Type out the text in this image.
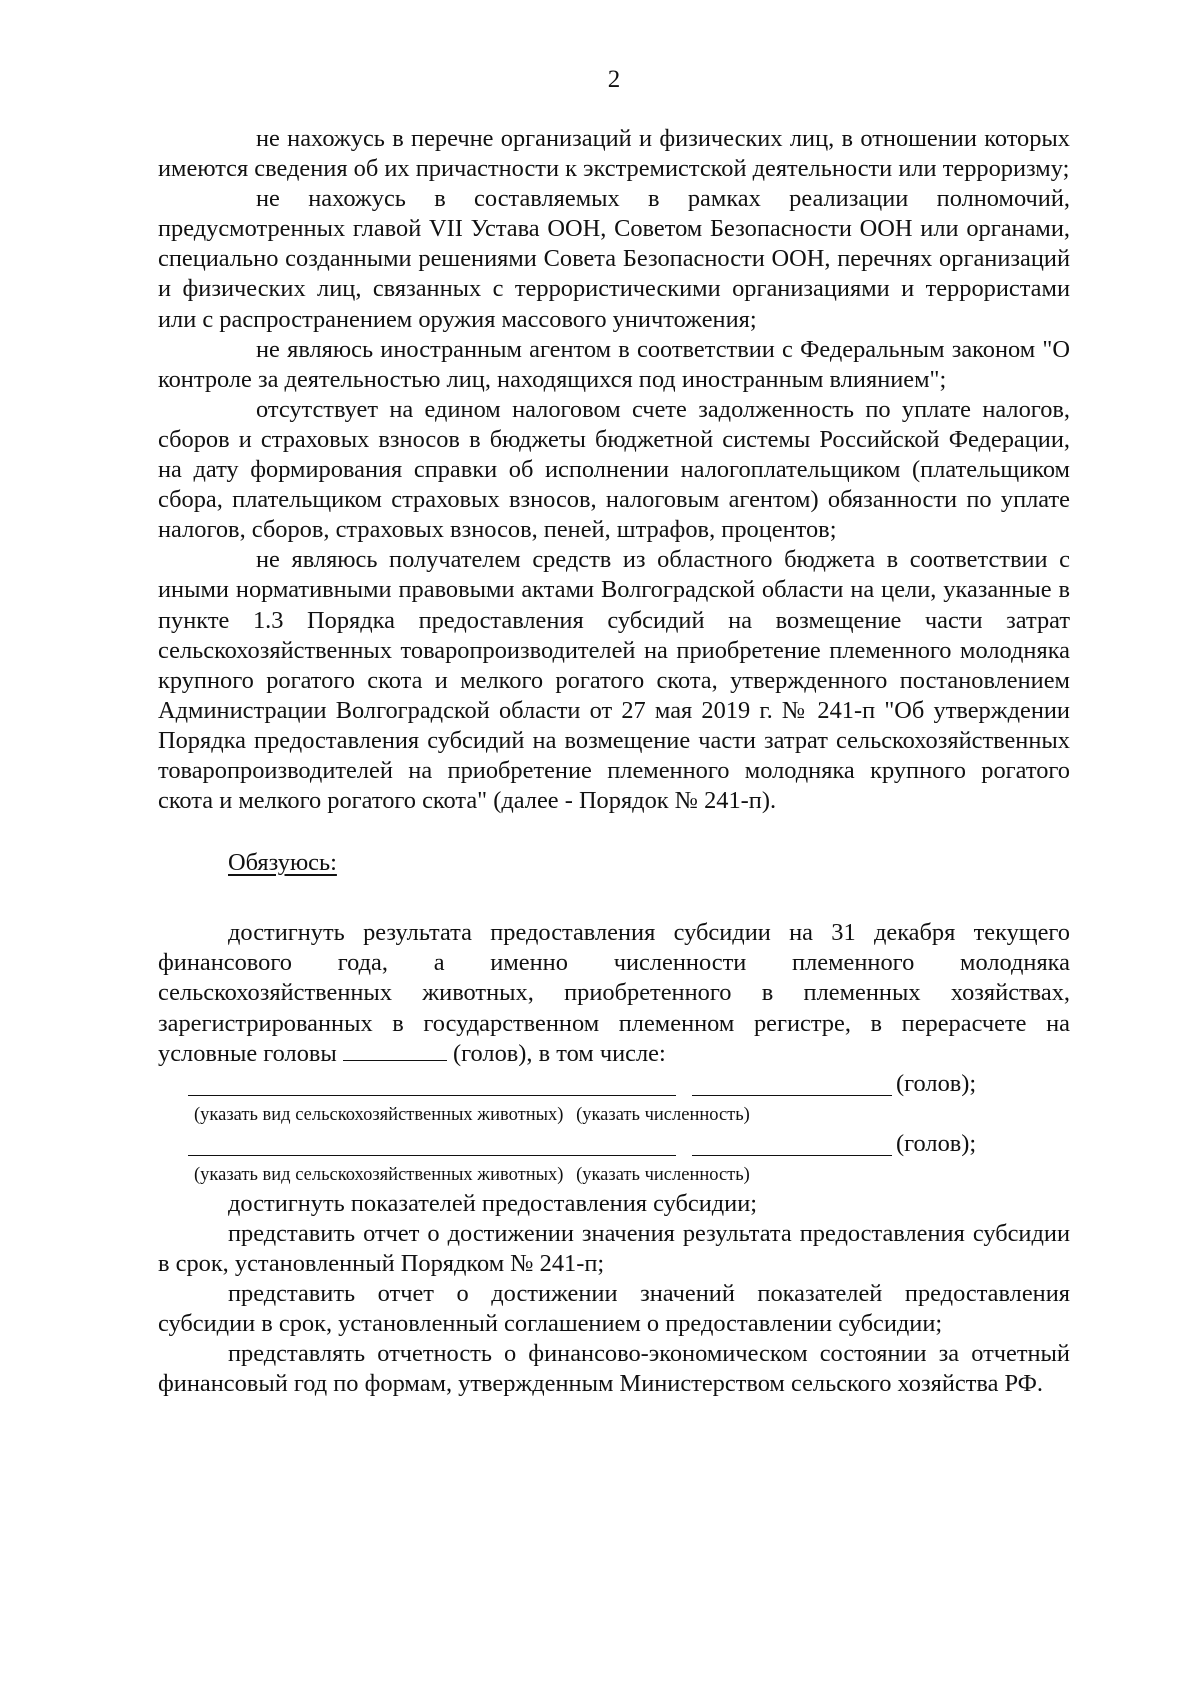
2

не нахожусь в перечне организаций и физических лиц, в отношении которых имеются сведения об их причастности к экстремистской деятельности или терроризму;

не нахожусь в составляемых в рамках реализации полномочий, предусмотренных главой VII Устава ООН, Советом Безопасности ООН или органами, специально созданными решениями Совета Безопасности ООН, перечнях организаций и физических лиц, связанных с террористическими организациями и террористами или с распространением оружия массового уничтожения;

не являюсь иностранным агентом в соответствии с Федеральным законом "О контроле за деятельностью лиц, находящихся под иностранным влиянием";

отсутствует на едином налоговом счете задолженность по уплате налогов, сборов и страховых взносов в бюджеты бюджетной системы Российской Федерации, на дату формирования справки об исполнении налогоплательщиком (плательщиком сбора, плательщиком страховых взносов, налоговым агентом) обязанности по уплате налогов, сборов, страховых взносов, пеней, штрафов, процентов;

не являюсь получателем средств из областного бюджета в соответствии с иными нормативными правовыми актами Волгоградской области на цели, указанные в пункте 1.3 Порядка предоставления субсидий на возмещение части затрат сельскохозяйственных товаропроизводителей на приобретение племенного молодняка крупного рогатого скота и мелкого рогатого скота, утвержденного постановлением Администрации Волгоградской области от 27 мая 2019 г. № 241-п "Об утверждении Порядка предоставления субсидий на возмещение части затрат сельскохозяйственных товаропроизводителей на приобретение племенного молодняка крупного рогатого скота и мелкого рогатого скота" (далее - Порядок № 241-п).

Обязуюсь:

достигнуть результата предоставления субсидии на 31 декабря текущего финансового года, а именно численности племенного молодняка сельскохозяйственных животных, приобретенного в племенных хозяйствах, зарегистрированных в государственном племенном регистре, в перерасчете на условные головы	(голов), в том числе:

(голов);
(указать вид сельскохозяйственных животных) (указать численность)
(голов);
(указать вид сельскохозяйственных животных) (указать численность)

достигнуть показателей предоставления субсидии;

представить отчет о достижении значения результата предоставления субсидии в срок, установленный Порядком № 241-п;

представить отчет о достижении значений показателей предоставления субсидии в срок, установленный соглашением о предоставлении субсидии;

представлять отчетность о финансово-экономическом состоянии за отчетный финансовый год по формам, утвержденным Министерством сельского хозяйства РФ.
